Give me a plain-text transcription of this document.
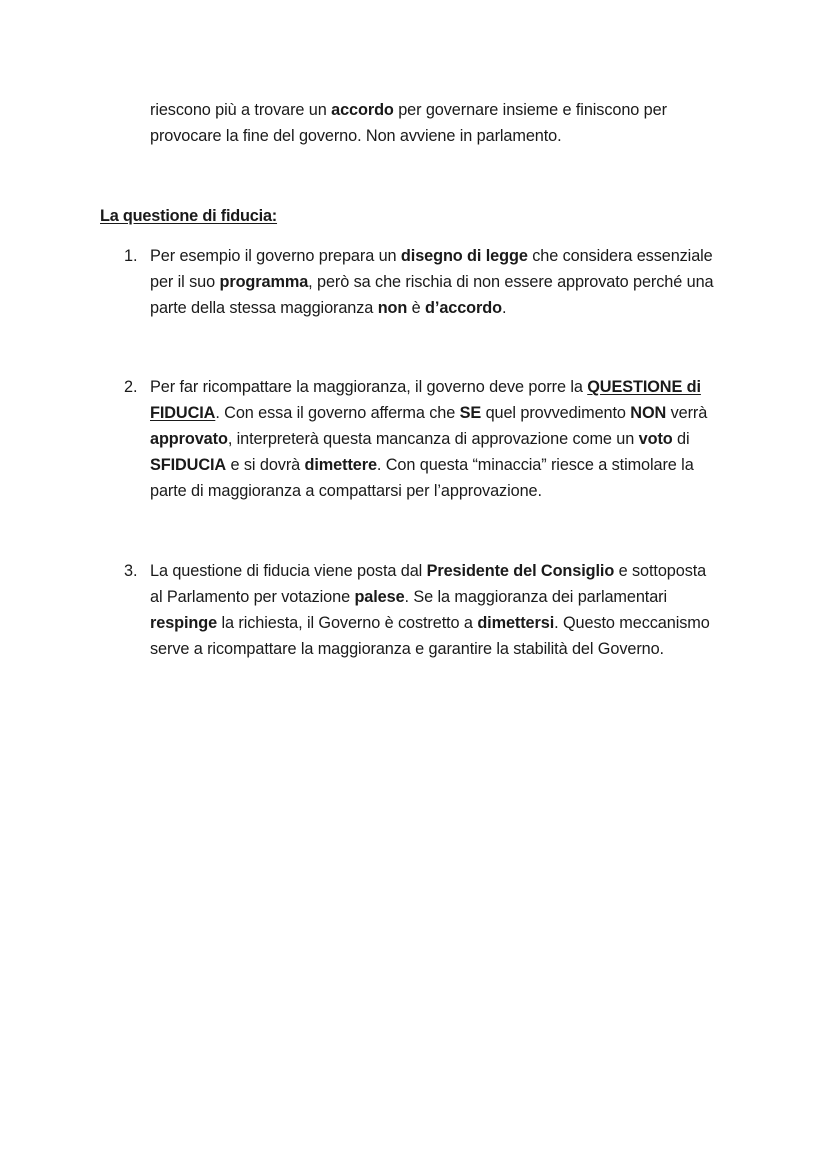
riescono più a trovare un accordo per governare insieme e finiscono per
provocare la fine del governo. Non avviene in parlamento.
La questione di fiducia:
1. Per esempio il governo prepara un disegno di legge che considera essenziale
per il suo programma, però sa che rischia di non essere approvato perché una
parte della stessa maggioranza non è d’accordo.
2. Per far ricompattare la maggioranza, il governo deve porre la QUESTIONE di
FIDUCIA. Con essa il governo afferma che SE quel provvedimento NON verrà
approvato, interpreterà questa mancanza di approvazione come un voto di
SFIDUCIA e si dovrà dimettere. Con questa “minaccia” riesce a stimolare la
parte di maggioranza a compattarsi per l’approvazione.
3. La questione di fiducia viene posta dal Presidente del Consiglio e sottoposta
al Parlamento per votazione palese. Se la maggioranza dei parlamentari
respinge la richiesta, il Governo è costretto a dimettersi. Questo meccanismo
serve a ricompattare la maggioranza e garantire la stabilità del Governo.
